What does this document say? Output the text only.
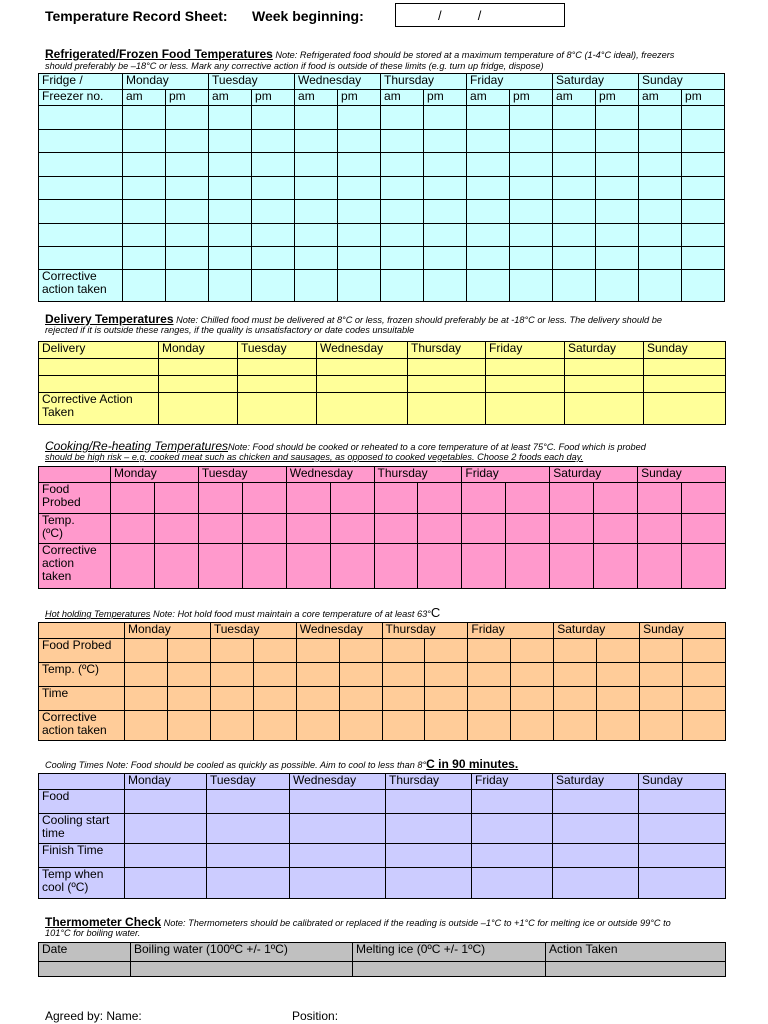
Temperature Record Sheet: Week beginning:	/          /
Refrigerated/Frozen Food Temperatures Note: Refrigerated food should be stored at a maximum temperature of 8°C (1-4°C ideal), freezers
should preferably be –18°C or less. Mark any corrective action if food is outside of these limits (e.g. turn up fridge, dispose)
Fridge /	Monday		Tuesday		Wednesday		Thursday		Friday		Saturday		Sunday	

Freezer no.	am	pm	am	pm	am	pm	am	pm	am	pm	am	pm	am	pm

Corrective
action taken														

Delivery Temperatures Note: Chilled food must be delivered at 8°C or less, frozen should preferably be at -18°C or less. The delivery should be
rejected if it is outside these ranges, if the quality is unsatisfactory or date codes unsuitable
Delivery	Monday	Tuesday	Wednesday	Thursday	Friday	Saturday	Sunday

Corrective Action
Taken							

Cooking/Re-heating TemperaturesNote: Food should be cooked or reheated to a core temperature of at least 75°C. Food which is probed
should be high risk – e.g. cooked meat such as chicken and sausages, as opposed to cooked vegetables. Choose 2 foods each day.

	Monday		Tuesday		Wednesday		Thursday		Friday		Saturday		Sunday	

Food
Probed														

Temp.
(ºC)														

Corrective
action
taken														

Hot holding Temperatures Note: Hot hold food must maintain a core temperature of at least 63°C

	Monday		Tuesday		Wednesday		Thursday		Friday		Saturday		Sunday	

Food Probed														

Temp. (ºC)														

Time														

Corrective
action taken														

Cooling Times Note: Food should be cooled as quickly as possible. Aim to cool to less than 8°C in 90 minutes.

	Monday	Tuesday	Wednesday	Thursday	Friday	Saturday	Sunday

Food							

Cooling start
time							

Finish Time							

Temp when
cool (ºC)							

Thermometer Check Note: Thermometers should be calibrated or replaced if the reading is outside –1°C to +1°C for melting ice or outside 99°C to
101°C for boiling water.
Date	Boiling water (100ºC +/- 1ºC)	Melting ice (0ºC +/- 1ºC)	Action Taken

Agreed by: Name:	Position:
